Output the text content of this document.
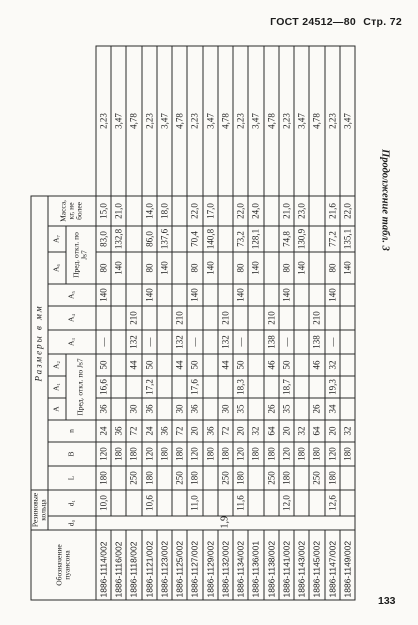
ГОСТ 24512—80 Стр. 72
Продолжение табл. 3
Обозначение пуансона	Резиновые кольца		Размеры в мм												
	d₀	d₁	L	B	n	A	A₁	A₂	A₃	A₄	A₅	A₆	A₇	Масса, кг, не более	
						Пред. откл. по Js7						Пред. откл. по Js7			
1886-1114/002	1,9	10,0	180	120	24	36	16,6	50	—		140	80	83,0	15,0	2,23
1886-1116/002				180	36							140	132,8	21,0	3,47
1886-1118/002			250	180	72	30		44	132	210					4,78
1886-1121/002		10,6	180	120	24	36	17,2	50	—		140	80	86,0	14,0	2,23
1886-1123/002				180	36							140	137,6	18,0	3,47
1886-1125/002			250	180	72	30		44	132	210					4,78
1886-1127/002		11,0	180	120	20	36	17,6	50	—		140	80	70,4	22,0	2,23
1886-1129/002				180	36							140	140,8	17,0	3,47
1886-1132/002			250	180	72	30		44	132	210					4,78
1886-1134/002		11,6	180	120	20	35	18,3	50	—		140	80	73,2	22,0	2,23
1886-1136/001				180	32							140	128,1	24,0	3,47
1886-1138/002			250	180	64	26		46	138	210					4,78
1886-1141/002		12,0	180	120	20	35	18,7	50	—		140	80	74,8	21,0	2,23
1886-1143/002				180	32							140	130,9	23,0	3,47
1886-1145/002			250	180	64	26		46	138	210					4,78
1886-1147/002		12,6	180	120	20	34	19,3	32	—		140	80	77,2	21,6	2,23
1886-1149/002				180	32							140	135,1	22,0	3,47
133
